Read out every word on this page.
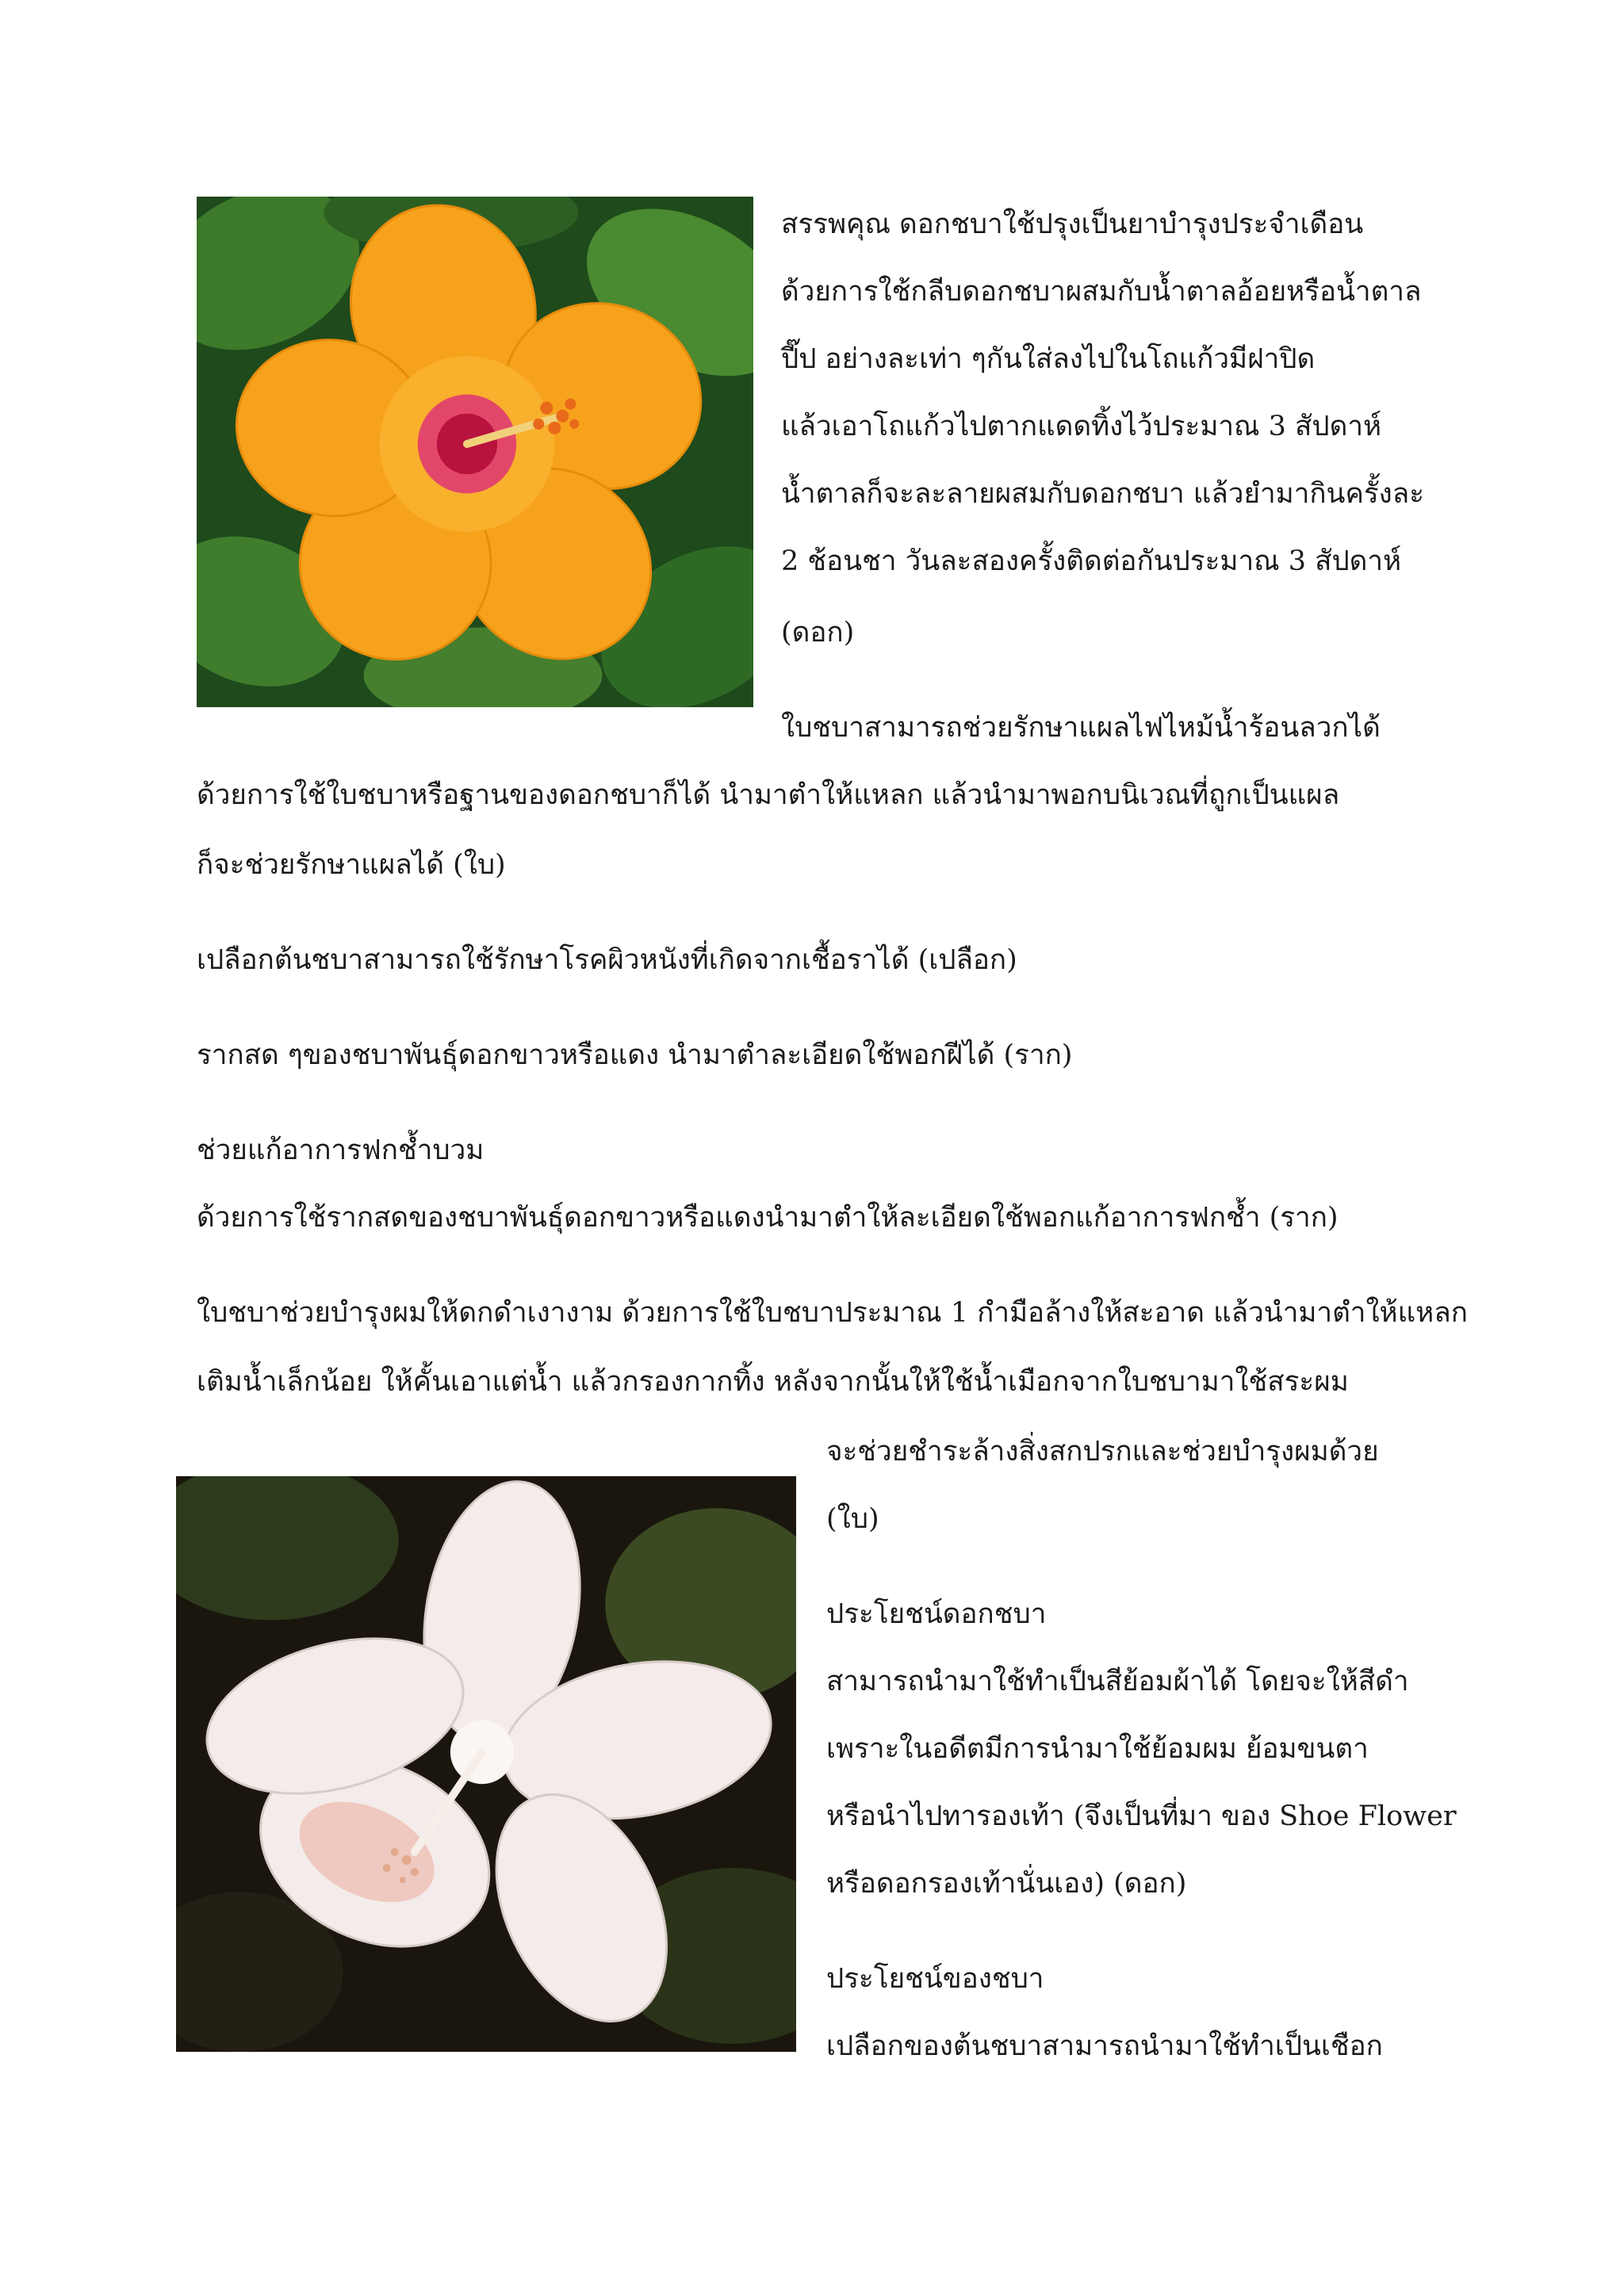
สรรพคุณ ดอกชบาใช้ปรุงเป็นยาบำรุงประจำเดือน
ด้วยการใช้กลีบดอกชบาผสมกับน้ำตาลอ้อยหรือน้ำตาล
ปี๊ป อย่างละเท่า ๆกันใส่ลงไปในโถแก้วมีฝาปิด
แล้วเอาโถแก้วไปตากแดดทิ้งไว้ประมาณ 3 สัปดาห์
น้ำตาลก็จะละลายผสมกับดอกชบา แล้วยำมากินครั้งละ
2 ช้อนชา วันละสองครั้งติดต่อกันประมาณ 3 สัปดาห์
(ดอก)
ใบชบาสามารถช่วยรักษาแผลไฟไหม้น้ำร้อนลวกได้
ด้วยการใช้ใบชบาหรือฐานของดอกชบาก็ได้ นำมาตำให้แหลก แล้วนำมาพอกบนิเวณที่ถูกเป็นแผล
ก็จะช่วยรักษาแผลได้ (ใบ)
เปลือกต้นชบาสามารถใช้รักษาโรคผิวหนังที่เกิดจากเชื้อราได้ (เปลือก)
รากสด ๆของชบาพันธุ์ดอกขาวหรือแดง นำมาตำละเอียดใช้พอกฝีได้ (ราก)
ช่วยแก้อาการฟกช้ำบวม
ด้วยการใช้รากสดของชบาพันธุ์ดอกขาวหรือแดงนำมาตำให้ละเอียดใช้พอกแก้อาการฟกช้ำ (ราก)
ใบชบาช่วยบำรุงผมให้ดกดำเงางาม ด้วยการใช้ใบชบาประมาณ 1 กำมือล้างให้สะอาด แล้วนำมาตำให้แหลก
เติมน้ำเล็กน้อย ให้คั้นเอาแต่น้ำ แล้วกรองกากทิ้ง หลังจากนั้นให้ใช้น้ำเมือกจากใบชบามาใช้สระผม
จะช่วยชำระล้างสิ่งสกปรกและช่วยบำรุงผมด้วย
(ใบ)
ประโยชน์ดอกชบา
สามารถนำมาใช้ทำเป็นสีย้อมผ้าได้ โดยจะให้สีดำ
เพราะในอดีตมีการนำมาใช้ย้อมผม ย้อมขนตา
หรือนำไปทารองเท้า (จึงเป็นที่มา ของ Shoe Flower
หรือดอกรองเท้านั่นเอง) (ดอก)
ประโยชน์ของชบา
เปลือกของต้นชบาสามารถนำมาใช้ทำเป็นเชือก
